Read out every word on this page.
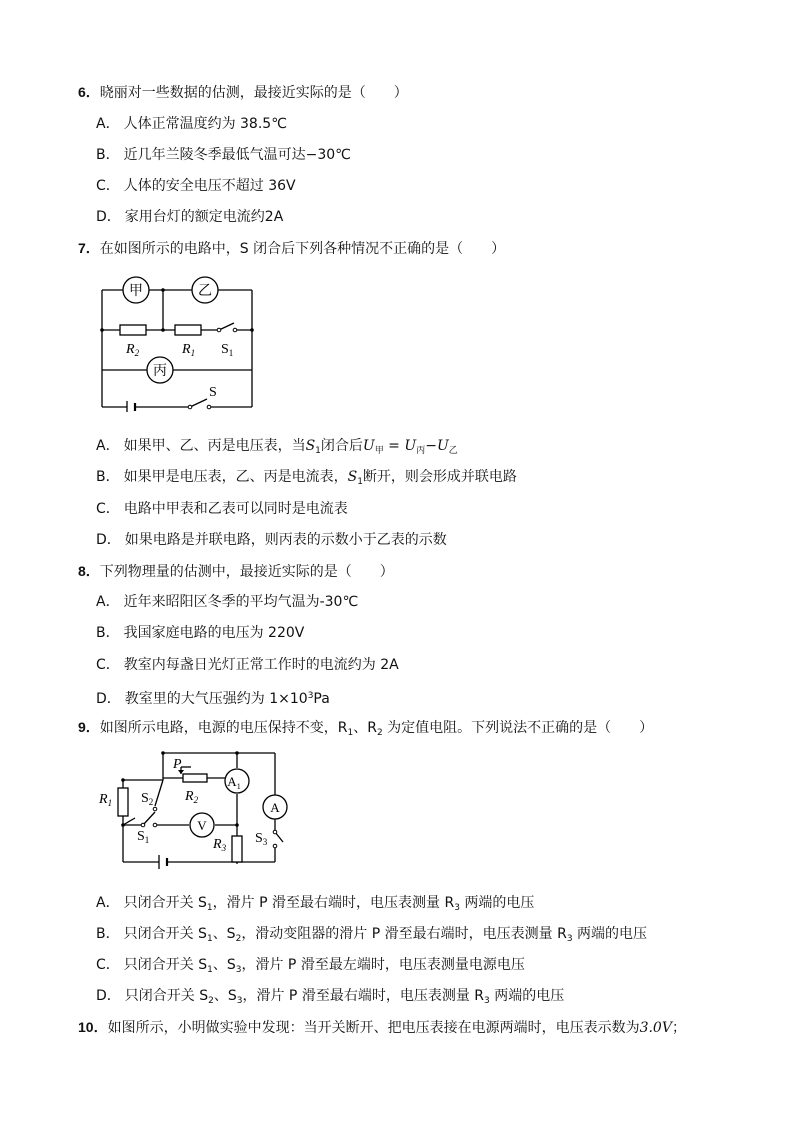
6．晓丽对一些数据的估测，最接近实际的是（　　）
A． 人体正常温度约为 38.5℃
B． 近几年兰陵冬季最低气温可达−30℃
C． 人体的安全电压不超过 36V
D． 家用台灯的额定电流约2A
7．在如图所示的电路中，S 闭合后下列各种情况不正确的是（　　）
甲	乙
丙
$R_2$	$R_1$ $S_1$
S
A． 如果甲、乙、丙是电压表，当$S_1$闭合后$U_甲 = U_丙-U_乙$
B． 如果甲是电压表，乙、丙是电流表，$S_1$断开，则会形成并联电路
C． 电路中甲表和乙表可以同时是电流表
D． 如果电路是并联电路，则丙表的示数小于乙表的示数
8．下列物理量的估测中，最接近实际的是（　　）
A． 近年来昭阳区冬季的平均气温为-30℃
B． 我国家庭电路的电压为 220V
C． 教室内每盏日光灯正常工作时的电流约为 2A
D． 教室里的大气压强约为 $1\times 10^3Pa$
9．如图所示电路，电源的电压保持不变，$R_1$、$R_2$ 为定值电阻。下列说法不正确的是（　　）
$A_1$
A
V
P
$R_1$	$R_2$
$R_3$
$S_2$
$S_1$	$S_3$
A． 只闭合开关 $S_1$，滑片 P 滑至最右端时，电压表测量 $R_3$ 两端的电压
B． 只闭合开关 $S_1$、$S_2$，滑动变阻器的滑片 P 滑至最右端时，电压表测量 $R_3$ 两端的电压
C． 只闭合开关 $S_1$、$S_3$，滑片 P 滑至最左端时，电压表测量电源电压
D． 只闭合开关 $S_2$、$S_3$，滑片 P 滑至最右端时，电压表测量 $R_3$ 两端的电压
10．如图所示，小明做实验中发现：当开关断开、把电压表接在电源两端时，电压表示数为3.0V；
